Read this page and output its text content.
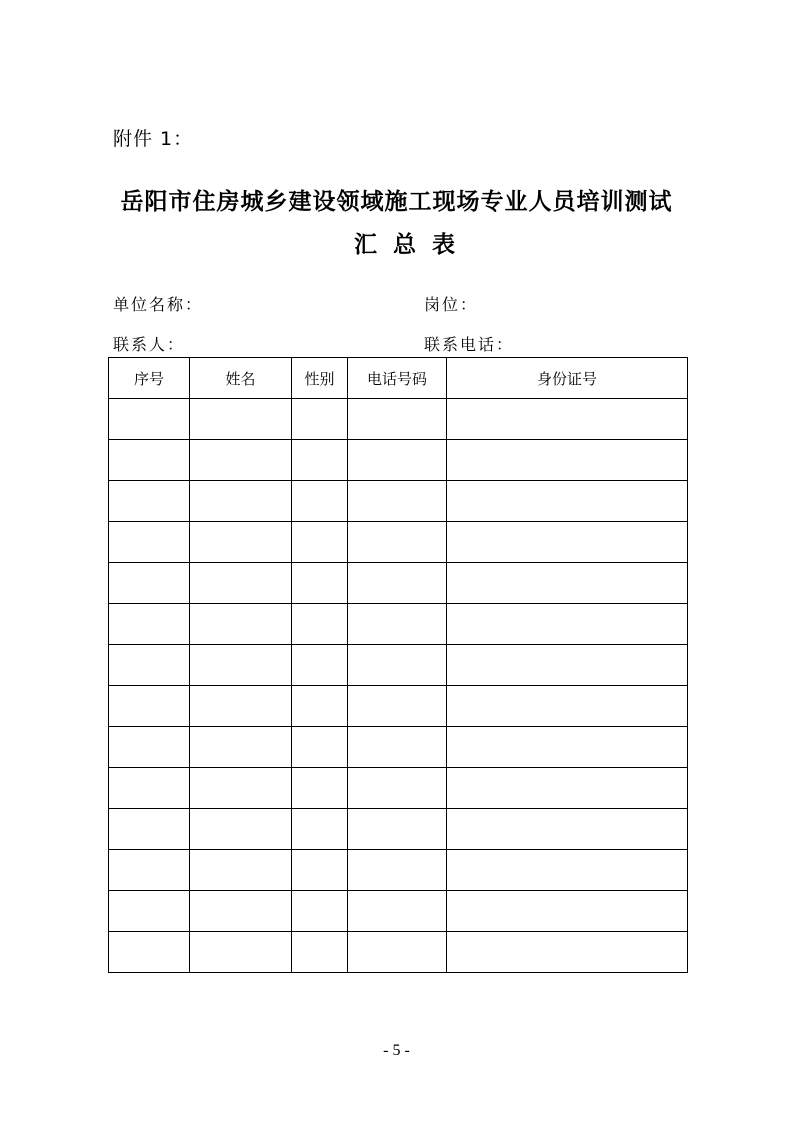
附件 1：
岳阳市住房城乡建设领域施工现场专业人员培训测试
汇总表
单位名称：	岗位：
联系人：	联系电话：
序号	姓名	性别	电话号码	身份证号

- 5 -
